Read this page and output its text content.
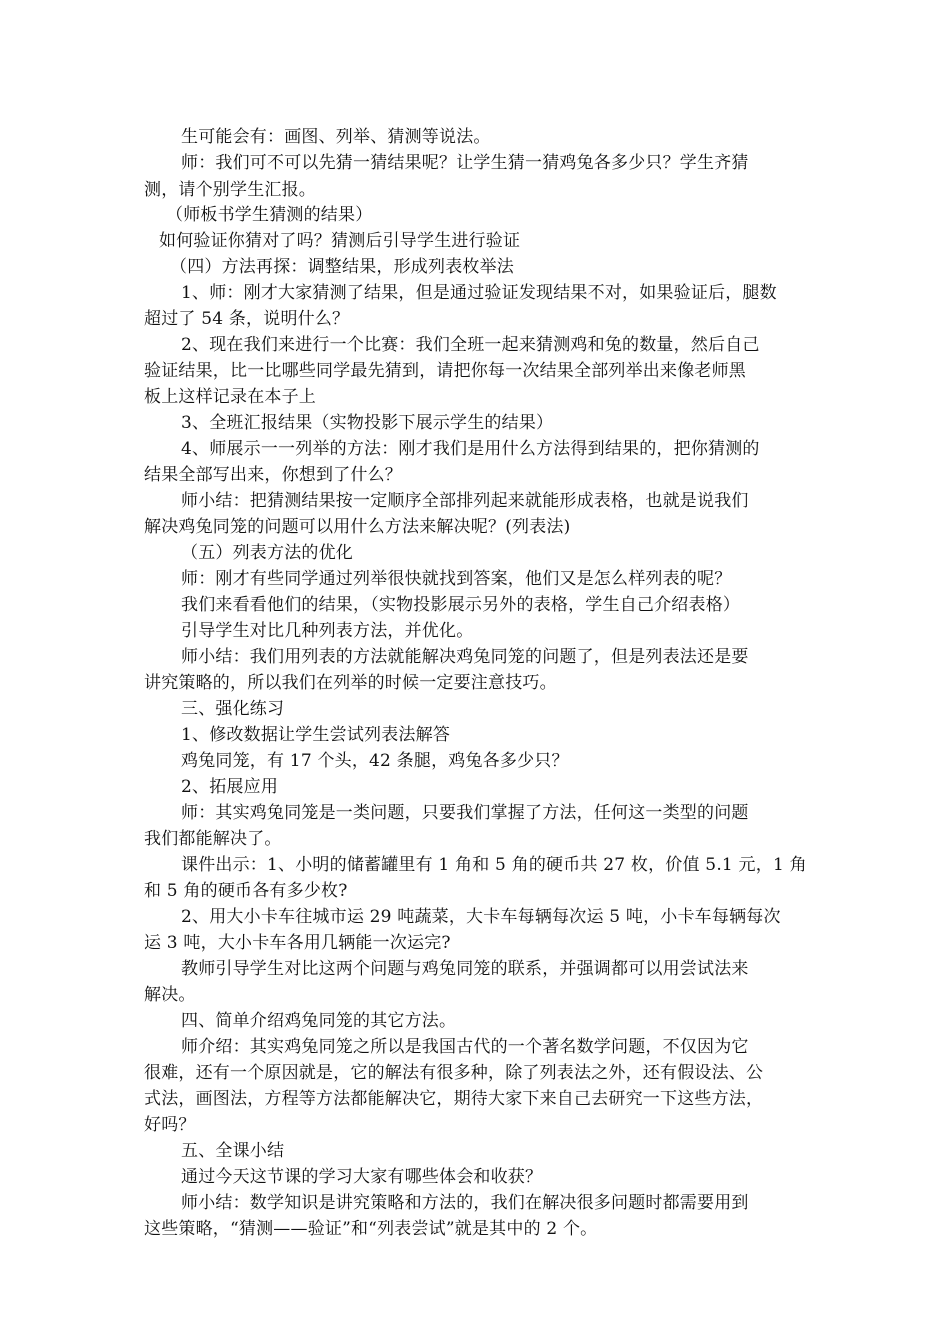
生可能会有：画图、列举、猜测等说法。
师：我们可不可以先猜一猜结果呢？让学生猜一猜鸡兔各多少只？学生齐猜
测，请个别学生汇报。
（师板书学生猜测的结果）
如何验证你猜对了吗？猜测后引导学生进行验证
（四）方法再探：调整结果，形成列表枚举法
1、师：刚才大家猜测了结果，但是通过验证发现结果不对，如果验证后，腿数
超过了 54 条，说明什么？
2、现在我们来进行一个比赛：我们全班一起来猜测鸡和兔的数量，然后自己
验证结果，比一比哪些同学最先猜到，请把你每一次结果全部列举出来像老师黑
板上这样记录在本子上
3、全班汇报结果（实物投影下展示学生的结果）
4、师展示一一列举的方法：刚才我们是用什么方法得到结果的，把你猜测的
结果全部写出来，你想到了什么？
师小结：把猜测结果按一定顺序全部排列起来就能形成表格，也就是说我们
解决鸡兔同笼的问题可以用什么方法来解决呢？(列表法)
（五）列表方法的优化
师：刚才有些同学通过列举很快就找到答案，他们又是怎么样列表的呢？
我们来看看他们的结果，（实物投影展示另外的表格，学生自己介绍表格）
引导学生对比几种列表方法，并优化。
师小结：我们用列表的方法就能解决鸡兔同笼的问题了，但是列表法还是要
讲究策略的，所以我们在列举的时候一定要注意技巧。
三、强化练习
1、修改数据让学生尝试列表法解答
鸡兔同笼，有 17 个头，42 条腿，鸡兔各多少只？
2、拓展应用
师：其实鸡兔同笼是一类问题，只要我们掌握了方法，任何这一类型的问题
我们都能解决了。
课件出示：1、小明的储蓄罐里有 1 角和 5 角的硬币共 27 枚，价值 5.1 元，1 角
和 5 角的硬币各有多少枚?
2、用大小卡车往城市运 29 吨蔬菜，大卡车每辆每次运 5 吨，小卡车每辆每次
运 3 吨，大小卡车各用几辆能一次运完?
教师引导学生对比这两个问题与鸡兔同笼的联系，并强调都可以用尝试法来
解决。
四、简单介绍鸡兔同笼的其它方法。
师介绍：其实鸡兔同笼之所以是我国古代的一个著名数学问题，不仅因为它
很难，还有一个原因就是，它的解法有很多种，除了列表法之外，还有假设法、公
式法，画图法，方程等方法都能解决它，期待大家下来自己去研究一下这些方法，
好吗？
五、全课小结
通过今天这节课的学习大家有哪些体会和收获？
师小结：数学知识是讲究策略和方法的，我们在解决很多问题时都需要用到
这些策略，“猜测——验证”和“列表尝试”就是其中的 2 个。
